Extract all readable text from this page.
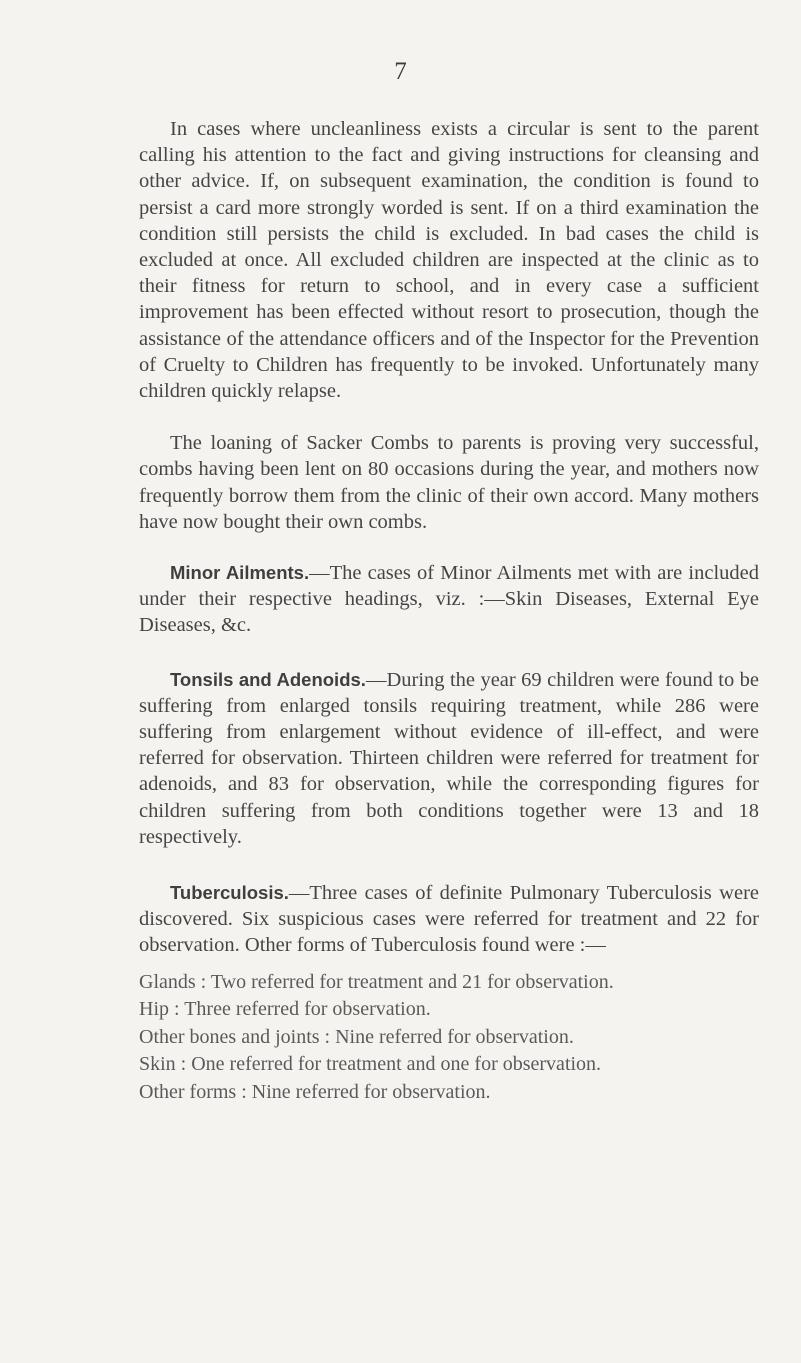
7

In cases where uncleanliness exists a circular is sent to the parent calling his attention to the fact and giving instructions for cleansing and other advice. If, on subsequent examination, the condition is found to persist a card more strongly worded is sent. If on a third examination the condition still persists the child is excluded. In bad cases the child is excluded at once. All excluded children are inspected at the clinic as to their fitness for return to school, and in every case a sufficient improvement has been effected without resort to prosecution, though the assistance of the attendance officers and of the Inspector for the Prevention of Cruelty to Children has frequently to be invoked. Unfortunately many children quickly relapse.

The loaning of Sacker Combs to parents is proving very successful, combs having been lent on 80 occasions during the year, and mothers now frequently borrow them from the clinic of their own accord. Many mothers have now bought their own combs.

Minor Ailments.—The cases of Minor Ailments met with are included under their respective headings, viz. :—Skin Diseases, External Eye Diseases, &c.

Tonsils and Adenoids.—During the year 69 children were found to be suffering from enlarged tonsils requiring treatment, while 286 were suffering from enlargement without evidence of ill-effect, and were referred for observation. Thirteen children were referred for treatment for adenoids, and 83 for observation, while the corresponding figures for children suffering from both conditions together were 13 and 18 respectively.

Tuberculosis.—Three cases of definite Pulmonary Tuberculosis were discovered. Six suspicious cases were referred for treatment and 22 for observation. Other forms of Tuberculosis found were :—

Glands : Two referred for treatment and 21 for observation.
Hip : Three referred for observation.
Other bones and joints : Nine referred for observation.
Skin : One referred for treatment and one for observation.
Other forms : Nine referred for observation.
